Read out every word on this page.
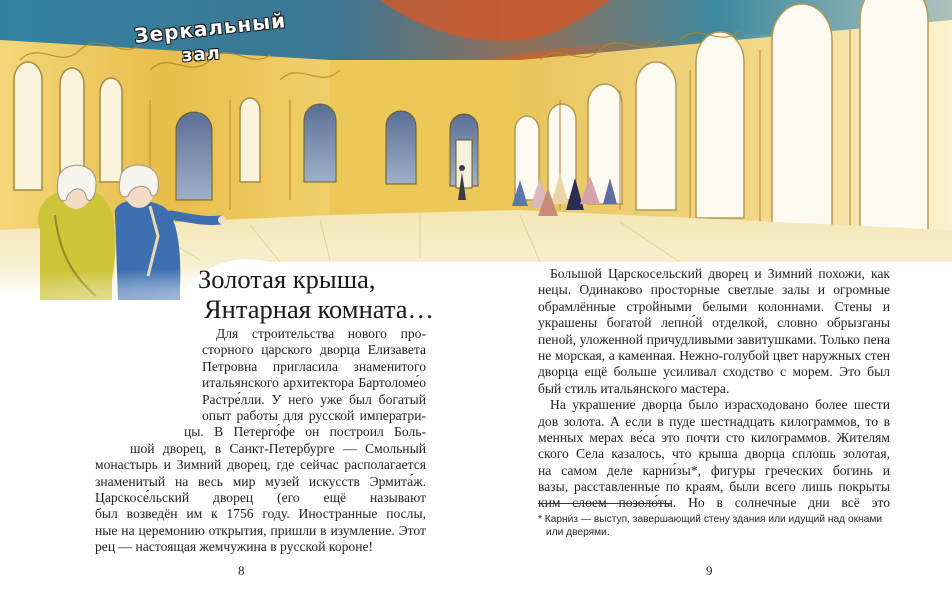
Зеркальный
зал
Золотая крыша,
Янтарная комната…
Для строительства нового про-
сторного царского дворца Елизавета
Петровна пригласила знаменитого
итальянского архитектора Бартоломе́о
Растре́лли. У него уже был богатый
опыт работы для русской императри-
цы. В Петерго́фе он построил Боль-
шой дворец, в Санкт-Петербурге — Смольный
монастырь и Зимний дворец, где сейчас располагается
знаменитый на весь мир музей искусств Эрмита́ж.
Царскосе́льский дворец (его ещё называют
был возведён им к 1756 году. Иностранные послы,
ные на церемонию открытия, пришли в изумление. Этот
рец — настоящая жемчужина в русской короне!
Большой Царскосельский дворец и Зимний похожи, как
нецы. Одинаково просторные светлые залы и огромные
обрамлённые стройными белыми колоннами. Стены и
украшены богатой лепно́й отделкой, словно обрызганы
пеной, уложенной причудливыми завитушками. Только пена
не морская, а каменная. Нежно-голубой цвет наружных стен
дворца ещё больше усиливал сходство с морем. Это был
бый стиль итальянского мастера.
На украшение дворца было израсходовано более шести
дов золота. А если в пуде шестнадцать килограммов, то в
менных мерах ве́са это почти сто килограммов. Жителям
ского Села казалось, что крыша дворца сплошь золотая,
на самом деле карни́зы*, фигуры греческих богинь и
вазы, расставленные по краям, были всего лишь покрыты
ким слоем позоло́ты. Но в солнечные дни всё это
* Карни́з — выступ, завершающий стену здания или идущий над окнами
или дверями.
8	9
